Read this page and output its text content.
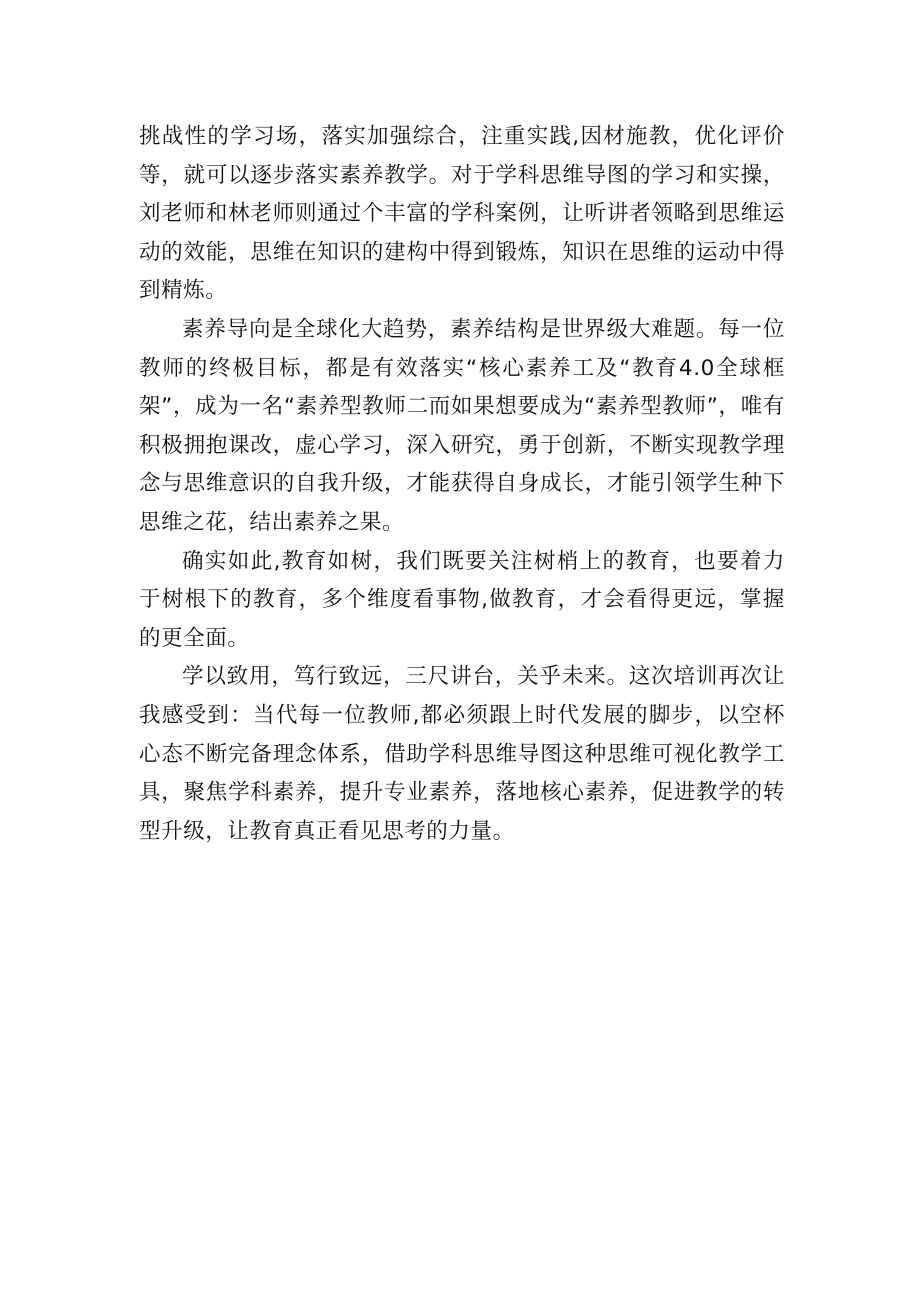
挑战性的学习场，落实加强综合，注重实践,因材施教，优化评价等，就可以逐步落实素养教学。对于学科思维导图的学习和实操，刘老师和林老师则通过个丰富的学科案例，让听讲者领略到思维运动的效能，思维在知识的建构中得到锻炼，知识在思维的运动中得到精炼。

素养导向是全球化大趋势，素养结构是世界级大难题。每一位教师的终极目标，都是有效落实“核心素养工及“教育4.0全球框架”，成为一名“素养型教师二而如果想要成为“素养型教师”，唯有积极拥抱课改，虚心学习，深入研究，勇于创新，不断实现教学理念与思维意识的自我升级，才能获得自身成长，才能引领学生种下思维之花，结出素养之果。

确实如此,教育如树，我们既要关注树梢上的教育，也要着力于树根下的教育，多个维度看事物,做教育，才会看得更远，掌握的更全面。

学以致用，笃行致远，三尺讲台，关乎未来。这次培训再次让我感受到：当代每一位教师,都必须跟上时代发展的脚步，以空杯心态不断完备理念体系，借助学科思维导图这种思维可视化教学工具，聚焦学科素养，提升专业素养，落地核心素养，促进教学的转型升级，让教育真正看见思考的力量。
